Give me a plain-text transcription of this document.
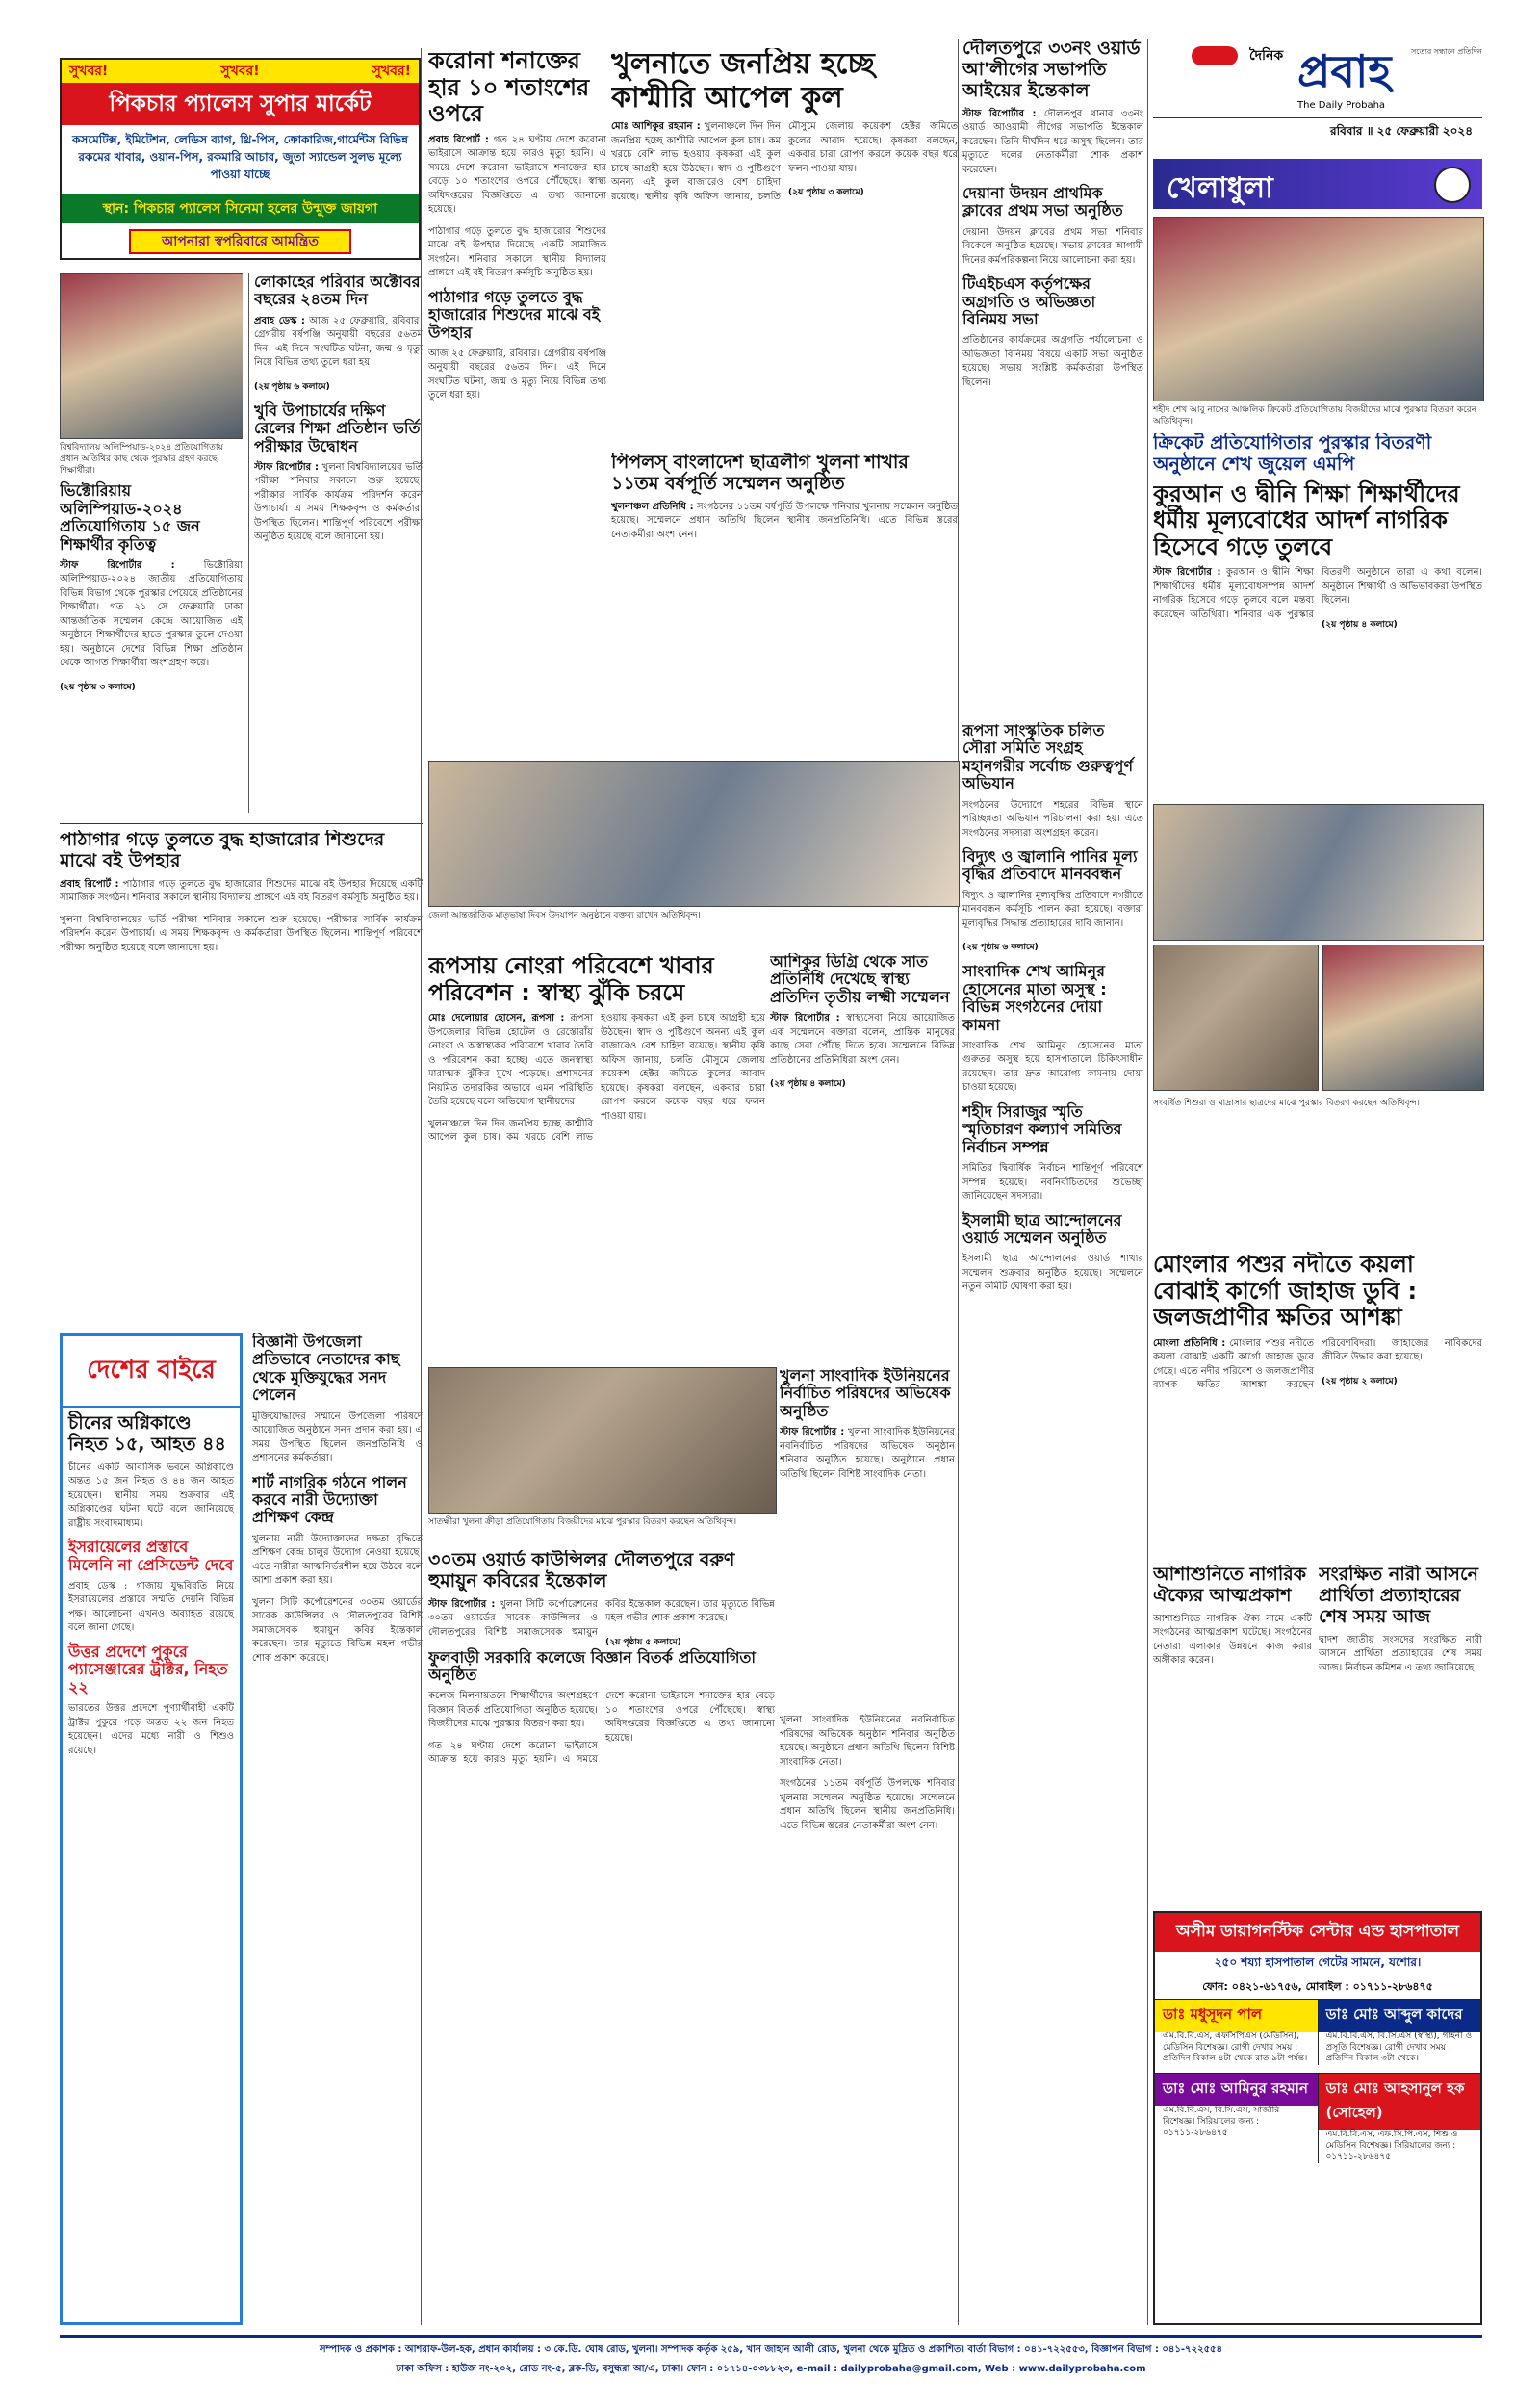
সুখবর!	সুখবর!	সুখবর!
পিকচার প্যালেস সুপার মার্কেট
কসমেটিক্স, ইমিটেশন, লেডিস ব্যাগ, থ্রি-পিস, ক্রোকারিজ,গার্মেন্টস বিভিন্ন রকমের খাবার, ওয়ান-পিস, রকমারি আচার, জুতা স্যান্ডেল সুলভ মূল্যে পাওয়া যাচ্ছে
স্থান: পিকচার প্যালেস সিনেমা হলের উন্মুক্ত জায়গা
আপনারা স্বপরিবারে আমন্ত্রিত

বিশ্ববিদ্যালয় অলিম্পিয়াড-২০২৪ প্রতিযোগিতায় প্রধান অতিথির কাছ থেকে পুরস্কার গ্রহণ করছে শিক্ষার্থীরা।

ভিক্টোরিয়ায় অলিম্পিয়াড-২০২৪ প্রতিযোগিতায় ১৫ জন শিক্ষার্থীর কৃতিত্ব

স্টাফ রিপোর্টার :	ভিক্টোরিয়া অলিম্পিয়াড-২০২৪ জাতীয় প্রতিযোগিতায় বিভিন্ন বিভাগ থেকে পুরস্কার পেয়েছে প্রতিষ্ঠানের শিক্ষার্থীরা। গত ২১ সে ফেব্রুয়ারি ঢাকা আন্তর্জাতিক সম্মেলন কেন্দ্রে আয়োজিত এই অনুষ্ঠানে শিক্ষার্থীদের হাতে পুরস্কার তুলে দেওয়া হয়। অনুষ্ঠানে দেশের বিভিন্ন শিক্ষা প্রতিষ্ঠান থেকে আগত শিক্ষার্থীরা অংশগ্রহণ করে।

(২য় পৃষ্ঠায় ৩ কলামে)

লোকাহের পরিবার অক্টোবর বছরের ২৪তম দিন

প্রবাহ ডেস্ক : আজ ২৫ ফেব্রুয়ারি, রবিবার। গ্রেগরীয় বর্ষপঞ্জি অনুযায়ী বছরের ৫৬তম দিন। এই দিনে সংঘটিত ঘটনা, জন্ম ও মৃত্যু নিয়ে বিভিন্ন তথ্য তুলে ধরা হয়।

(২য় পৃষ্ঠায় ৬ কলামে)

খুবি উপাচার্যের দক্ষিণ রেলের শিক্ষা প্রতিষ্ঠান ভর্তি পরীক্ষার উদ্বোধন

স্টাফ রিপোর্টার : খুলনা বিশ্ববিদ্যালয়ের ভর্তি পরীক্ষা শনিবার সকালে শুরু হয়েছে। পরীক্ষার সার্বিক কার্যক্রম পরিদর্শন করেন উপাচার্য। এ সময় শিক্ষকবৃন্দ ও কর্মকর্তারা উপস্থিত ছিলেন। শান্তিপূর্ণ পরিবেশে পরীক্ষা অনুষ্ঠিত হয়েছে বলে জানানো হয়।

পাঠাগার গড়ে তুলতে বুদ্ধ হাজারোর শিশুদের মাঝে বই উপহার

প্রবাহ রিপোর্ট : পাঠাগার গড়ে তুলতে বুদ্ধ হাজারোর শিশুদের মাঝে বই উপহার দিয়েছে একটি সামাজিক সংগঠন। শনিবার সকালে স্থানীয় বিদ্যালয় প্রাঙ্গণে এই বই বিতরণ কর্মসূচি অনুষ্ঠিত হয়।

খুলনা বিশ্ববিদ্যালয়ের ভর্তি পরীক্ষা শনিবার সকালে শুরু হয়েছে। পরীক্ষার সার্বিক কার্যক্রম পরিদর্শন করেন উপাচার্য। এ সময় শিক্ষকবৃন্দ ও কর্মকর্তারা উপস্থিত ছিলেন। শান্তিপূর্ণ পরিবেশে পরীক্ষা অনুষ্ঠিত হয়েছে বলে জানানো হয়।

দেশের বাইরে
চীনের অগ্নিকাণ্ডে নিহত ১৫, আহত ৪৪

চীনের একটি আবাসিক ভবনে অগ্নিকাণ্ডে অন্তত ১৫ জন নিহত ও ৪৪ জন আহত হয়েছেন। স্থানীয় সময় শুক্রবার এই অগ্নিকাণ্ডের ঘটনা ঘটে বলে জানিয়েছে রাষ্ট্রীয় সংবাদমাধ্যম।

ইসরায়েলের প্রস্তাবে মিলেনি না প্রেসিডেন্ট দেবে

প্রবাহ ডেস্ক : গাজায় যুদ্ধবিরতি নিয়ে ইসরায়েলের প্রস্তাবে সম্মতি দেয়নি বিভিন্ন পক্ষ। আলোচনা এখনও অব্যাহত রয়েছে বলে জানা গেছে।

উত্তর প্রদেশে পুকুরে প্যাসেঞ্জারের ট্রাক্টর, নিহত ২২

ভারতের উত্তর প্রদেশে পুণ্যার্থীবাহী একটি ট্রাক্টর পুকুরে পড়ে অন্তত ২২ জন নিহত হয়েছেন। এদের মধ্যে নারী ও শিশুও রয়েছে।

বিজ্ঞানী উপজেলা প্রতিভাবে নেতাদের কাছ থেকে মুক্তিযুদ্ধের সনদ পেলেন

মুক্তিযোদ্ধাদের সম্মানে উপজেলা পরিষদে আয়োজিত অনুষ্ঠানে সনদ প্রদান করা হয়। এ সময় উপস্থিত ছিলেন জনপ্রতিনিধি ও প্রশাসনের কর্মকর্তারা।

শার্ট নাগরিক গঠনে পালন করবে নারী উদ্যোক্তা প্রশিক্ষণ কেন্দ্র

খুলনায় নারী উদ্যোক্তাদের দক্ষতা বৃদ্ধিতে প্রশিক্ষণ কেন্দ্র চালুর উদ্যোগ নেওয়া হয়েছে। এতে নারীরা আত্মনির্ভরশীল হয়ে উঠবে বলে আশা প্রকাশ করা হয়।

খুলনা সিটি কর্পোরেশনের ৩০তম ওয়ার্ডের সাবেক কাউন্সিলর ও দৌলতপুরের বিশিষ্ট সমাজসেবক হুমায়ুন কবির ইন্তেকাল করেছেন। তার মৃত্যুতে বিভিন্ন মহল গভীর শোক প্রকাশ করেছে।

করোনা শনাক্তের হার ১০ শতাংশের ওপরে

প্রবাহ রিপোর্ট : গত ২৪ ঘণ্টায় দেশে করোনা ভাইরাসে আক্রান্ত হয়ে কারও মৃত্যু হয়নি। এ সময়ে দেশে করোনা ভাইরাসে শনাক্তের হার বেড়ে ১০ শতাংশের ওপরে পৌঁছেছে। স্বাস্থ্য অধিদপ্তরের বিজ্ঞপ্তিতে এ তথ্য জানানো হয়েছে।

পাঠাগার গড়ে তুলতে বুদ্ধ হাজারোর শিশুদের মাঝে বই উপহার দিয়েছে একটি সামাজিক সংগঠন। শনিবার সকালে স্থানীয় বিদ্যালয় প্রাঙ্গণে এই বই বিতরণ কর্মসূচি অনুষ্ঠিত হয়।

পাঠাগার গড়ে তুলতে বুদ্ধ হাজারোর শিশুদের মাঝে বই উপহার

আজ ২৫ ফেব্রুয়ারি, রবিবার। গ্রেগরীয় বর্ষপঞ্জি অনুযায়ী বছরের ৫৬তম দিন। এই দিনে সংঘটিত ঘটনা, জন্ম ও মৃত্যু নিয়ে বিভিন্ন তথ্য তুলে ধরা হয়।

খুলনাতে জনপ্রিয় হচ্ছে কাশ্মীরি আপেল কুল

মোঃ আশিকুর রহমান : খুলনাঞ্চলে দিন দিন জনপ্রিয় হচ্ছে কাশ্মীরি আপেল কুল চাষ। কম খরচে বেশি লাভ হওয়ায় কৃষকরা এই কুল চাষে আগ্রহী হয়ে উঠছেন। স্বাদ ও পুষ্টিগুণে অনন্য এই কুল বাজারেও বেশ চাহিদা রয়েছে। স্থানীয় কৃষি অফিস জানায়, চলতি মৌসুমে জেলায় কয়েকশ হেক্টর জমিতে কুলের আবাদ হয়েছে। কৃষকরা বলছেন, একবার চারা রোপণ করলে কয়েক বছর ধরে ফলন পাওয়া যায়।

(২য় পৃষ্ঠায় ৩ কলামে)

পিপলস্ বাংলাদেশ ছাত্রলীগ খুলনা শাখার ১১তম বর্ষপূর্তি সম্মেলন অনুষ্ঠিত

খুলনাঞ্চল প্রতিনিধি : সংগঠনের ১১তম বর্ষপূর্তি উপলক্ষে শনিবার খুলনায় সম্মেলন অনুষ্ঠিত হয়েছে। সম্মেলনে প্রধান অতিথি ছিলেন স্থানীয় জনপ্রতিনিধি। এতে বিভিন্ন স্তরের নেতাকর্মীরা অংশ নেন।

দৌলতপুরে ৩৩নং ওয়ার্ড আ'লীগের সভাপতি আইয়ের ইন্তেকাল

স্টাফ রিপোর্টার : দৌলতপুর থানার ৩৩নং ওয়ার্ড আওয়ামী লীগের সভাপতি ইন্তেকাল করেছেন। তিনি দীর্ঘদিন ধরে অসুস্থ ছিলেন। তার মৃত্যুতে দলের নেতাকর্মীরা শোক প্রকাশ করেছেন।

দেয়ানা উদয়ন প্রাথমিক ক্লাবের প্রথম সভা অনুষ্ঠিত

দেয়ানা উদয়ন ক্লাবের প্রথম সভা শনিবার বিকেলে অনুষ্ঠিত হয়েছে। সভায় ক্লাবের আগামী দিনের কর্মপরিকল্পনা নিয়ে আলোচনা করা হয়।

টিএইচএস কর্তৃপক্ষের অগ্রগতি ও অভিজ্ঞতা বিনিময় সভা

প্রতিষ্ঠানের কার্যক্রমের অগ্রগতি পর্যালোচনা ও অভিজ্ঞতা বিনিময় বিষয়ে একটি সভা অনুষ্ঠিত হয়েছে। সভায় সংশ্লিষ্ট কর্মকর্তারা উপস্থিত ছিলেন।

জেলা আন্তর্জাতিক মাতৃভাষা দিবস উদযাপন অনুষ্ঠানে বক্তব্য রাখেন অতিথিবৃন্দ।

রূপসায় নোংরা পরিবেশে খাবার পরিবেশন : স্বাস্থ্য ঝুঁকি চরমে

মোঃ দেলোয়ার হোসেন, রূপসা : রূপসা উপজেলার বিভিন্ন হোটেল ও রেস্তোরাঁয় নোংরা ও অস্বাস্থ্যকর পরিবেশে খাবার তৈরি ও পরিবেশন করা হচ্ছে। এতে জনস্বাস্থ্য মারাত্মক ঝুঁকির মুখে পড়েছে। প্রশাসনের নিয়মিত তদারকির অভাবে এমন পরিস্থিতি তৈরি হয়েছে বলে অভিযোগ স্থানীয়দের।

খুলনাঞ্চলে দিন দিন জনপ্রিয় হচ্ছে কাশ্মীরি আপেল কুল চাষ। কম খরচে বেশি লাভ হওয়ায় কৃষকরা এই কুল চাষে আগ্রহী হয়ে উঠছেন। স্বাদ ও পুষ্টিগুণে অনন্য এই কুল বাজারেও বেশ চাহিদা রয়েছে। স্থানীয় কৃষি অফিস জানায়, চলতি মৌসুমে জেলায় কয়েকশ হেক্টর জমিতে কুলের আবাদ হয়েছে। কৃষকরা বলছেন, একবার চারা রোপণ করলে কয়েক বছর ধরে ফলন পাওয়া যায়।

আশিকুর ডিগ্রি থেকে সাত প্রতিনিধি দেখেছে স্বাস্থ্য প্রতিদিন তৃতীয় লক্ষ্মী সম্মেলন

স্টাফ রিপোর্টার : স্বাস্থ্যসেবা নিয়ে আয়োজিত এক সম্মেলনে বক্তারা বলেন, প্রান্তিক মানুষের কাছে সেবা পৌঁছে দিতে হবে। সম্মেলনে বিভিন্ন প্রতিষ্ঠানের প্রতিনিধিরা অংশ নেন।

(২য় পৃষ্ঠায় ৪ কলামে)

সাতক্ষীরা খুলনা ক্রীড়া প্রতিযোগিতায় বিজয়ীদের মাঝে পুরস্কার বিতরণ করছেন অতিথিবৃন্দ।

খুলনা সাংবাদিক ইউনিয়নের নির্বাচিত পরিষদের অভিষেক অনুষ্ঠিত

স্টাফ রিপোর্টার : খুলনা সাংবাদিক ইউনিয়নের নবনির্বাচিত পরিষদের অভিষেক অনুষ্ঠান শনিবার অনুষ্ঠিত হয়েছে। অনুষ্ঠানে প্রধান অতিথি ছিলেন বিশিষ্ট সাংবাদিক নেতা।

৩০তম ওয়ার্ড কাউন্সিলর দৌলতপুরে বরুণ হুমায়ুন কবিরের ইন্তেকাল

স্টাফ রিপোর্টার : খুলনা সিটি কর্পোরেশনের ৩০তম ওয়ার্ডের সাবেক কাউন্সিলর ও দৌলতপুরের বিশিষ্ট সমাজসেবক হুমায়ুন কবির ইন্তেকাল করেছেন। তার মৃত্যুতে বিভিন্ন মহল গভীর শোক প্রকাশ করেছে।

(২য় পৃষ্ঠায় ৫ কলামে)

ফুলবাড়ী সরকারি কলেজে বিজ্ঞান বিতর্ক প্রতিযোগিতা অনুষ্ঠিত

কলেজ মিলনায়তনে শিক্ষার্থীদের অংশগ্রহণে বিজ্ঞান বিতর্ক প্রতিযোগিতা অনুষ্ঠিত হয়েছে। বিজয়ীদের মাঝে পুরস্কার বিতরণ করা হয়।

গত ২৪ ঘণ্টায় দেশে করোনা ভাইরাসে আক্রান্ত হয়ে কারও মৃত্যু হয়নি। এ সময়ে দেশে করোনা ভাইরাসে শনাক্তের হার বেড়ে ১০ শতাংশের ওপরে পৌঁছেছে। স্বাস্থ্য অধিদপ্তরের বিজ্ঞপ্তিতে এ তথ্য জানানো হয়েছে।

খুলনা সাংবাদিক ইউনিয়নের নবনির্বাচিত পরিষদের অভিষেক অনুষ্ঠান শনিবার অনুষ্ঠিত হয়েছে। অনুষ্ঠানে প্রধান অতিথি ছিলেন বিশিষ্ট সাংবাদিক নেতা।

সংগঠনের ১১তম বর্ষপূর্তি উপলক্ষে শনিবার খুলনায় সম্মেলন অনুষ্ঠিত হয়েছে। সম্মেলনে প্রধান অতিথি ছিলেন স্থানীয় জনপ্রতিনিধি। এতে বিভিন্ন স্তরের নেতাকর্মীরা অংশ নেন।

রূপসা সাংস্কৃতিক চলিত সৌরা সমিতি সংগ্রহ মহানগরীর সর্বোচ্চ গুরুত্বপূর্ণ অভিযান

সংগঠনের উদ্যোগে শহরের বিভিন্ন স্থানে পরিচ্ছন্নতা অভিযান পরিচালনা করা হয়। এতে সংগঠনের সদস্যরা অংশগ্রহণ করেন।

বিদ্যুৎ ও জ্বালানি পানির মূল্য বৃদ্ধির প্রতিবাদে মানববন্ধন

বিদ্যুৎ ও জ্বালানির মূল্যবৃদ্ধির প্রতিবাদে নগরীতে মানববন্ধন কর্মসূচি পালন করা হয়েছে। বক্তারা মূল্যবৃদ্ধির সিদ্ধান্ত প্রত্যাহারের দাবি জানান।

(২য় পৃষ্ঠায় ৬ কলামে)

সাংবাদিক শেখ আমিনুর হোসেনের মাতা অসুস্থ : বিভিন্ন সংগঠনের দোয়া কামনা

সাংবাদিক শেখ আমিনুর হোসেনের মাতা গুরুতর অসুস্থ হয়ে হাসপাতালে চিকিৎসাধীন রয়েছেন। তার দ্রুত আরোগ্য কামনায় দোয়া চাওয়া হয়েছে।

শহীদ সিরাজুর স্মৃতি স্মৃতিচারণ কল্যাণ সমিতির নির্বাচন সম্পন্ন

সমিতির দ্বিবার্ষিক নির্বাচন শান্তিপূর্ণ পরিবেশে সম্পন্ন হয়েছে। নবনির্বাচিতদের শুভেচ্ছা জানিয়েছেন সদস্যরা।

ইসলামী ছাত্র আন্দোলনের ওয়ার্ড সম্মেলন অনুষ্ঠিত

ইসলামী ছাত্র আন্দোলনের ওয়ার্ড শাখার সম্মেলন শুক্রবার অনুষ্ঠিত হয়েছে। সম্মেলনে নতুন কমিটি ঘোষণা করা হয়।

দৈনিক প্রবাহ	সত্যের সন্ধানে প্রতিদিন
The Daily Probaha
রবিবার ॥ ২৫ ফেব্রুয়ারী ২০২৪
খেলাধুলা

শহীদ শেখ আবু নাসের আঞ্চলিক ক্রিকেট প্রতিযোগিতায় বিজয়ীদের মাঝে পুরস্কার বিতরণ করেন অতিথিবৃন্দ।

ক্রিকেট প্রতিযোগিতার পুরস্কার বিতরণী অনুষ্ঠানে শেখ জুয়েল এমপি
কুরআন ও দ্বীনি শিক্ষা শিক্ষার্থীদের ধর্মীয় মূল্যবোধের আদর্শ নাগরিক হিসেবে গড়ে তুলবে

স্টাফ রিপোর্টার : কুরআন ও দ্বীনি শিক্ষা শিক্ষার্থীদের ধর্মীয় মূল্যবোধসম্পন্ন আদর্শ নাগরিক হিসেবে গড়ে তুলবে বলে মন্তব্য করেছেন অতিথিরা। শনিবার এক পুরস্কার বিতরণী অনুষ্ঠানে তারা এ কথা বলেন। অনুষ্ঠানে শিক্ষার্থী ও অভিভাবকরা উপস্থিত ছিলেন।

(২য় পৃষ্ঠায় ৪ কলামে)

সংবর্ধিত শিশুরা ও মাদ্রাসার ছাত্রদের মাঝে পুরস্কার বিতরণ করছেন অতিথিবৃন্দ।

মোংলার পশুর নদীতে কয়লা বোঝাই কার্গো জাহাজ ডুবি : জলজপ্রাণীর ক্ষতির আশঙ্কা

মোংলা প্রতিনিধি : মোংলার পশুর নদীতে কয়লা বোঝাই একটি কার্গো জাহাজ ডুবে গেছে। এতে নদীর পরিবেশ ও জলজপ্রাণীর ব্যাপক ক্ষতির আশঙ্কা করছেন পরিবেশবিদরা। জাহাজের নাবিকদের জীবিত উদ্ধার করা হয়েছে।

(২য় পৃষ্ঠায় ২ কলামে)

আশাশুনিতে নাগরিক ঐক্যের আত্মপ্রকাশ

আশাশুনিতে নাগরিক ঐক্য নামে একটি সংগঠনের আত্মপ্রকাশ ঘটেছে। সংগঠনের নেতারা এলাকার উন্নয়নে কাজ করার অঙ্গীকার করেন।

সংরক্ষিত নারী আসনে প্রার্থিতা প্রত্যাহারের শেষ সময় আজ

দ্বাদশ জাতীয় সংসদের সংরক্ষিত নারী আসনে প্রার্থিতা প্রত্যাহারের শেষ সময় আজ। নির্বাচন কমিশন এ তথ্য জানিয়েছে।

অসীম ডায়াগনস্টিক সেন্টার এন্ড হাসপাতাল
২৫০ শয্যা হাসপাতাল গেটের সামনে, যশোর।
ফোন: ০৪২১-৬১৭৫৬, মোবাইল : ০১৭১১-২৮৬৪৭৫
ডাঃ মধুসূদন পাল
এম.বি.বি.এস, এফসিপিএস (মেডিসিন), মেডিসিন বিশেষজ্ঞ। রোগী দেখার সময় : প্রতিদিন বিকাল ৪টা থেকে রাত ৯টা পর্যন্ত।
ডাঃ মোঃ আব্দুল কাদের
এম.বি.বি.এস, বি.সি.এস (স্বাস্থ্য), গাইনী ও প্রসূতি বিশেষজ্ঞ। রোগী দেখার সময় : প্রতিদিন বিকাল ৩টা থেকে।
ডাঃ মোঃ আমিনুর রহমান
এম.বি.বি.এস, বি.সি.এস, সার্জারি বিশেষজ্ঞ। সিরিয়ালের জন্য : ০১৭১১-২৮৬৪৭৫
ডাঃ মোঃ আহসানুল হক (সোহেল)
এম.বি.বি.এস, এফ.সি.পি.এস, শিশু ও মেডিসিন বিশেষজ্ঞ। সিরিয়ালের জন্য : ০১৭১১-২৮৬৪৭৫
সম্পাদক ও প্রকাশক : আশরাফ-উল-হক, প্রধান কার্যালয় : ৩ কে.ডি. ঘোষ রোড, খুলনা। সম্পাদক কর্তৃক ২৫৯, খান জাহান আলী রোড, খুলনা থেকে মুদ্রিত ও প্রকাশিত। বার্তা বিভাগ : ০৪১-৭২২৫৫৩, বিজ্ঞাপন বিভাগ : ০৪১-৭২২৫৫৪
ঢাকা অফিস : হাউজ নং-২০২, রোড নং-৫, ব্লক-ডি, বসুন্ধরা আ/এ, ঢাকা। ফোন : ০১৭১৪-০৩৮৮২৩, e-mail : dailyprobaha@gmail.com, Web : www.dailyprobaha.com
